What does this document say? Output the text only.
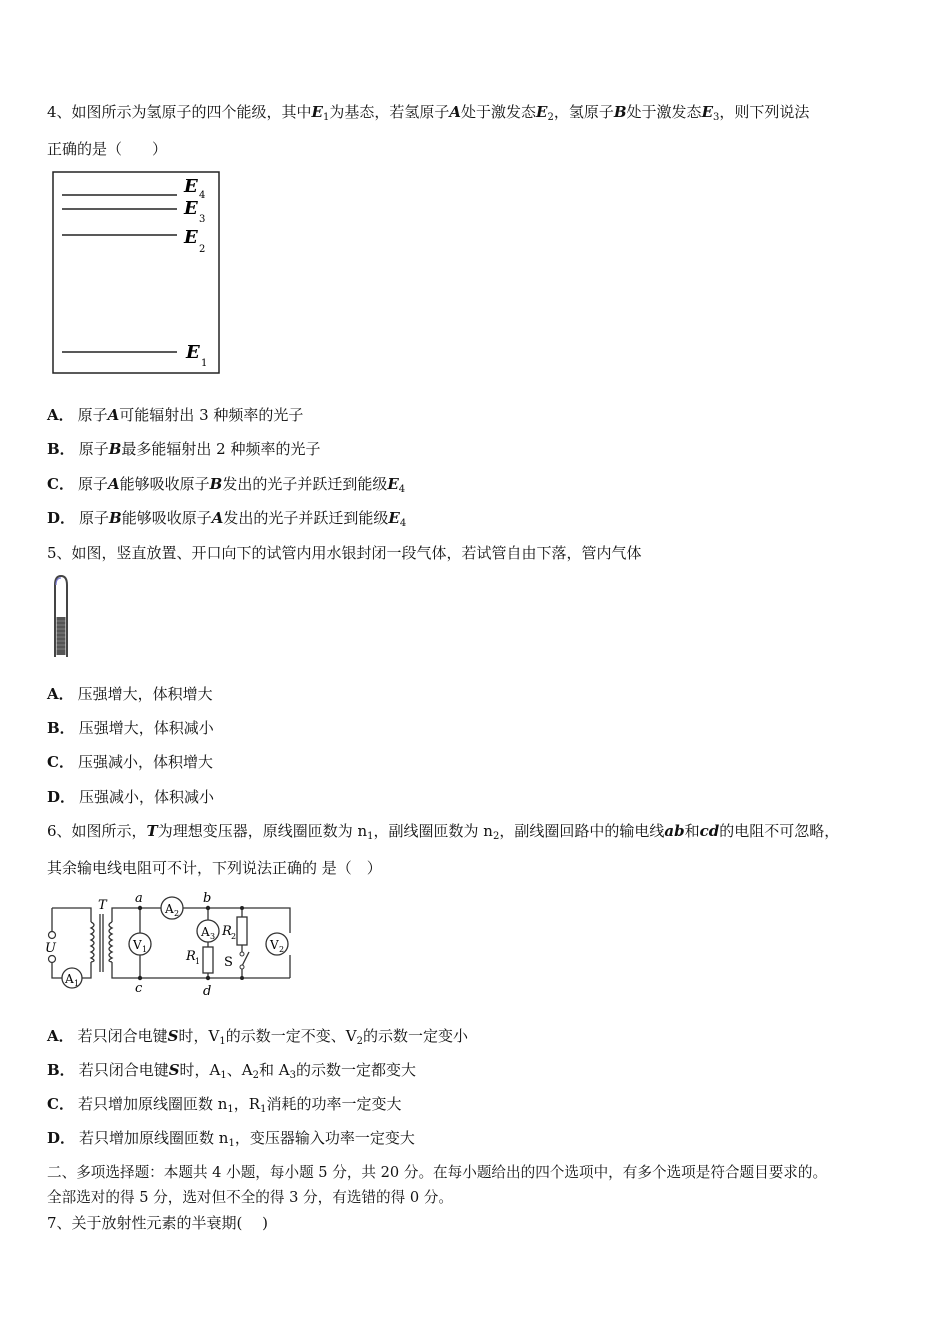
4、如图所示为氢原子的四个能级，其中$E_1$为基态，若氢原子A处于激发态$E_2$，氢原子B处于激发态$E_3$，则下列说法
正确的是（　　）
E 4
E
3
E
2
E
1
A． 原子A可能辐射出 3 种频率的光子
B． 原子B最多能辐射出 2 种频率的光子
C． 原子A能够吸收原子B发出的光子并跃迁到能级$E_4$
D． 原子B能够吸收原子A发出的光子并跃迁到能级$E_4$
5、如图，竖直放置、开口向下的试管内用水银封闭一段气体，若试管自由下落，管内气体
A． 压强增大，体积增大
B． 压强增大，体积减小
C． 压强减小，体积增大
D． 压强减小，体积减小
6、如图所示，T为理想变压器，原线圈匝数为 $n_1$，副线圈匝数为 $n_2$，副线圈回路中的输电线ab和cd的电阻不可忽略，
其余输电线电阻可不计，下列说法正确的 是（　）
A 1
A 2
A 3
V 1	V 2
U
T a	b
c	d
R 1
R 2
S
A． 若只闭合电键S时，$V_1$的示数一定不变、$V_2$的示数一定变小
B． 若只闭合电键S时，$A_1$、$A_2$和 $A_3$的示数一定都变大
C． 若只增加原线圈匝数 $n_1$，$R_1$消耗的功率一定变大
D． 若只增加原线圈匝数 $n_1$，变压器输入功率一定变大
二、多项选择题：本题共 4 小题，每小题 5 分，共 20 分。在每小题给出的四个选项中，有多个选项是符合题目要求的。
全部选对的得 5 分，选对但不全的得 3 分，有选错的得 0 分。
7、关于放射性元素的半衰期(　 )
